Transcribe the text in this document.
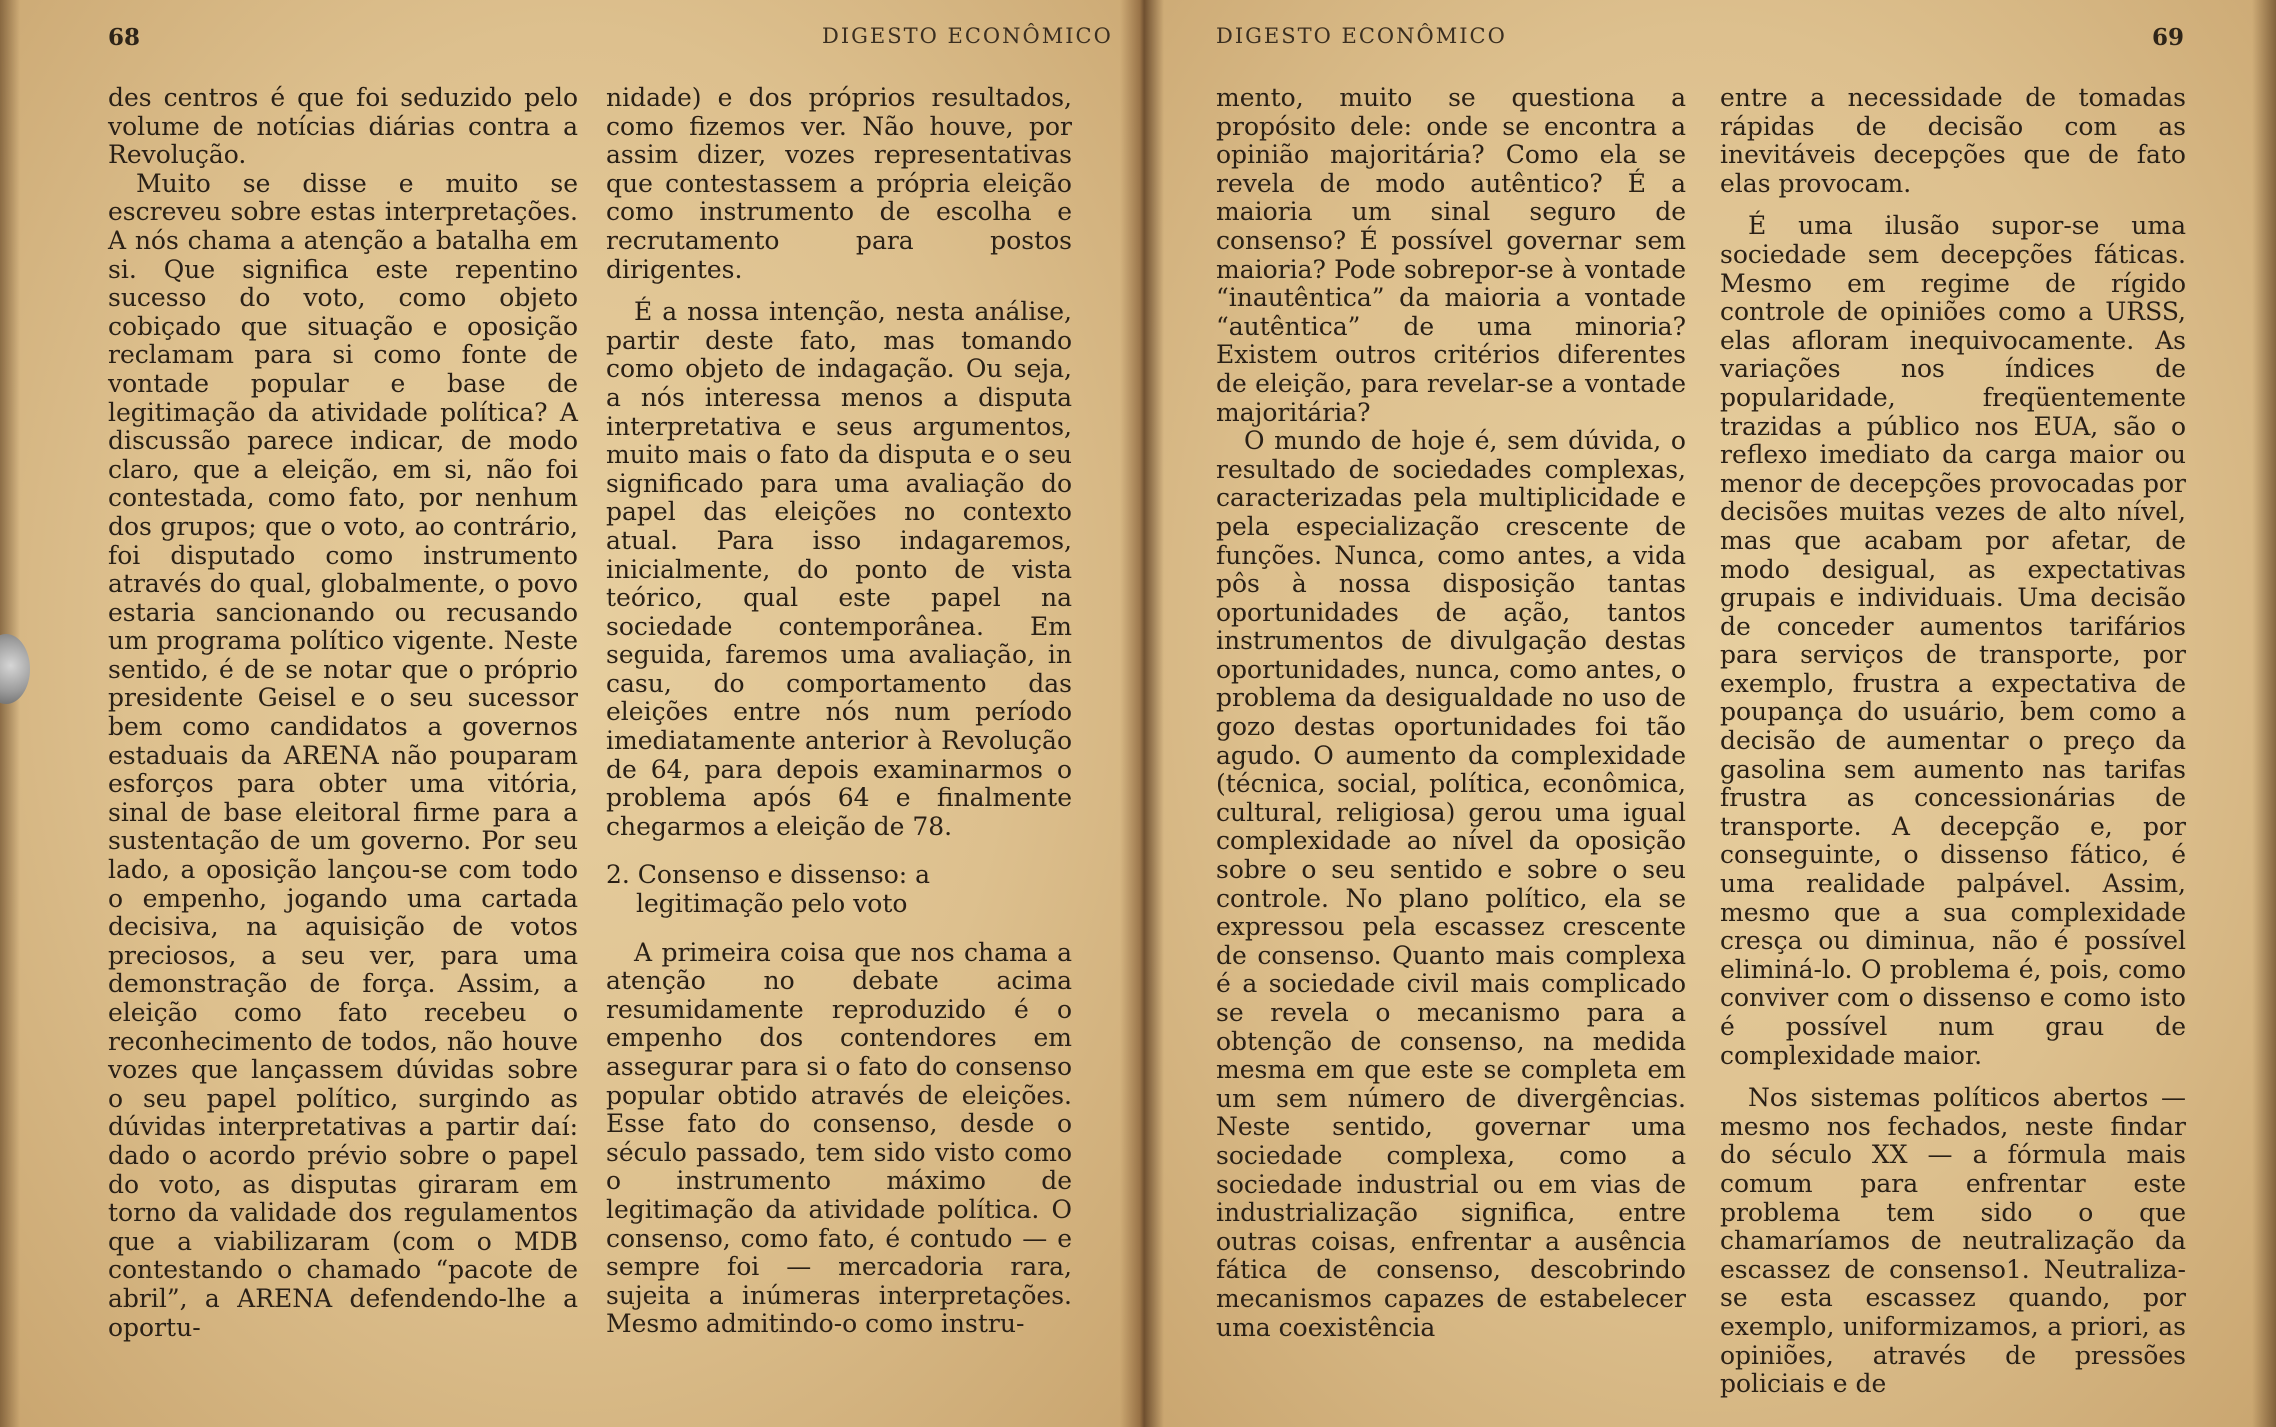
68	DIGESTO ECONÔMICO

des centros é que foi seduzido pelo volume de notícias diárias contra a Revolução.

Muito se disse e muito se escreveu sobre estas interpretações. A nós chama a atenção a batalha em si. Que significa este repentino sucesso do voto, como objeto cobiçado que situação e oposição reclamam para si como fonte de vontade popular e base de legitimação da atividade política? A discussão parece indicar, de modo claro, que a eleição, em si, não foi contestada, como fato, por nenhum dos grupos; que o voto, ao contrário, foi disputado como instrumento através do qual, globalmente, o povo estaria sancionando ou recusando um programa político vigente. Neste sentido, é de se notar que o próprio presidente Geisel e o seu sucessor bem como candidatos a governos estaduais da ARENA não pouparam esforços para obter uma vitória, sinal de base eleitoral firme para a sustentação de um governo. Por seu lado, a oposição lançou-se com todo o empenho, jogando uma cartada decisiva, na aquisição de votos preciosos, a seu ver, para uma demonstração de força. Assim, a eleição como fato recebeu o reconhecimento de todos, não houve vozes que lançassem dúvidas sobre o seu papel político, surgindo as dúvidas interpretativas a partir daí: dado o acordo prévio sobre o papel do voto, as disputas giraram em torno da validade dos regulamentos que a viabilizaram (com o MDB contestando o chamado “pacote de abril”, a ARENA defendendo-lhe a oportu-

nidade) e dos próprios resultados, como fizemos ver. Não houve, por assim dizer, vozes representativas que contestassem a própria eleição como instrumento de escolha e recrutamento para postos dirigentes.

É a nossa intenção, nesta análise, partir deste fato, mas tomando como objeto de indagação. Ou seja, a nós interessa menos a disputa interpretativa e seus argumentos, muito mais o fato da disputa e o seu significado para uma avaliação do papel das eleições no contexto atual. Para isso indagaremos, inicialmente, do ponto de vista teórico, qual este papel na sociedade contemporânea. Em seguida, faremos uma avaliação, in casu, do comportamento das eleições entre nós num período imediatamente anterior à Revolução de 64, para depois examinarmos o problema após 64 e finalmente chegarmos a eleição de 78.

2. Consenso e dissenso: a legitimação pelo voto

A primeira coisa que nos chama a atenção no debate acima resumidamente reproduzido é o empenho dos contendores em assegurar para si o fato do consenso popular obtido através de eleições. Esse fato do consenso, desde o século passado, tem sido visto como o instrumento máximo de legitimação da atividade política. O consenso, como fato, é contudo — e sempre foi — mercadoria rara, sujeita a inúmeras interpretações. Mesmo admitindo-o como instru-

DIGESTO ECONÔMICO	69

mento, muito se questiona a propósito dele: onde se encontra a opinião majoritária? Como ela se revela de modo autêntico? É a maioria um sinal seguro de consenso? É possível governar sem maioria? Pode sobrepor-se à vontade “inautêntica” da maioria a vontade “autêntica” de uma minoria? Existem outros critérios diferentes de eleição, para revelar-se a vontade majoritária?

O mundo de hoje é, sem dúvida, o resultado de sociedades complexas, caracterizadas pela multiplicidade e pela especialização crescente de funções. Nunca, como antes, a vida pôs à nossa disposição tantas oportunidades de ação, tantos instrumentos de divulgação destas oportunidades, nunca, como antes, o problema da desigualdade no uso de gozo destas oportunidades foi tão agudo. O aumento da complexidade (técnica, social, política, econômica, cultural, religiosa) gerou uma igual complexidade ao nível da oposição sobre o seu sentido e sobre o seu controle. No plano político, ela se expressou pela escassez crescente de consenso. Quanto mais complexa é a sociedade civil mais complicado se revela o mecanismo para a obtenção de consenso, na medida mesma em que este se completa em um sem número de divergências. Neste sentido, governar uma sociedade complexa, como a sociedade industrial ou em vias de industrialização significa, entre outras coisas, enfrentar a ausência fática de consenso, descobrindo mecanismos capazes de estabelecer uma coexistência

entre a necessidade de tomadas rápidas de decisão com as inevitáveis decepções que de fato elas provocam.

É uma ilusão supor-se uma sociedade sem decepções fáticas. Mesmo em regime de rígido controle de opiniões como a URSS, elas afloram inequivocamente. As variações nos índices de popularidade, freqüentemente trazidas a público nos EUA, são o reflexo imediato da carga maior ou menor de decepções provocadas por decisões muitas vezes de alto nível, mas que acabam por afetar, de modo desigual, as expectativas grupais e individuais. Uma decisão de conceder aumentos tarifários para serviços de transporte, por exemplo, frustra a expectativa de poupança do usuário, bem como a decisão de aumentar o preço da gasolina sem aumento nas tarifas frustra as concessionárias de transporte. A decepção e, por conseguinte, o dissenso fático, é uma realidade palpável. Assim, mesmo que a sua complexidade cresça ou diminua, não é possível eliminá-lo. O problema é, pois, como conviver com o dissenso e como isto é possível num grau de complexidade maior.

Nos sistemas políticos abertos — mesmo nos fechados, neste findar do século XX — a fórmula mais comum para enfrentar este problema tem sido o que chamaríamos de neutralização da escassez de consenso1. Neutraliza-se esta escassez quando, por exemplo, uniformizamos, a priori, as opiniões, através de pressões policiais e de
